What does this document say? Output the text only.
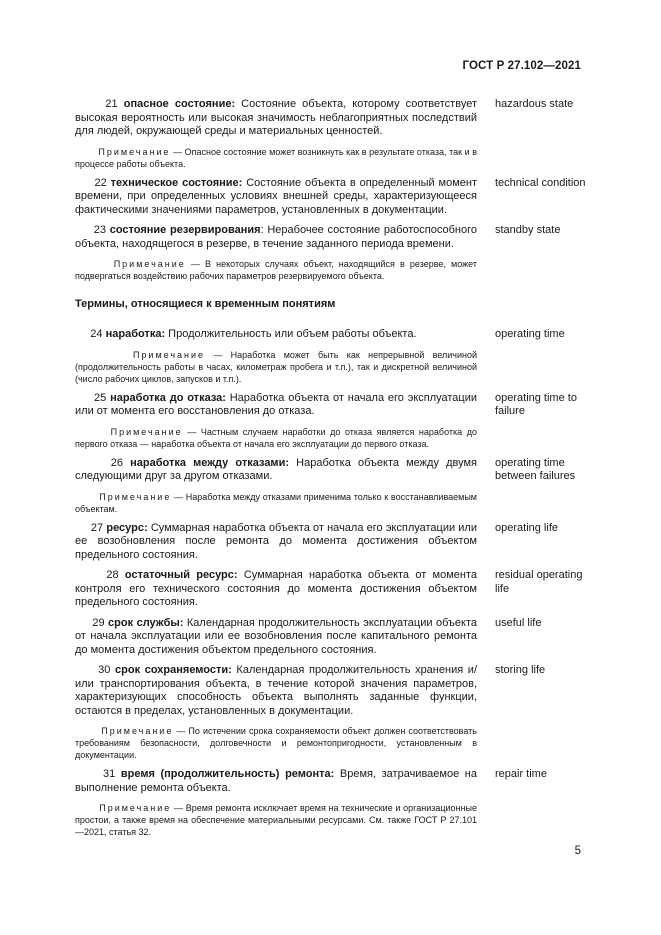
ГОСТ Р 27.102—2021
21 опасное состояние: Состояние объекта, которому соответствует высокая вероятность или высокая значимость неблагоприятных последствий для людей, окружающей среды и материальных ценностей.
hazardous state
Примечание — Опасное состояние может возникнуть как в результате отказа, так и в процессе работы объекта.
22 техническое состояние: Состояние объекта в определенный момент времени, при определенных условиях внешней среды, характеризующееся фактическими значениями параметров, установленных в документации.
technical condition
23 состояние резервирования: Нерабочее состояние работоспособного объекта, находящегося в резерве, в течение заданного периода времени.
standby state
Примечание — В некоторых случаях объект, находящийся в резерве, может подвергаться воздействию рабочих параметров резервируемого объекта.
Термины, относящиеся к временным понятиям
24 наработка: Продолжительность или объем работы объекта.	operating time
Примечание — Наработка может быть как непрерывной величиной (продолжительность работы в часах, километраж пробега и т.п.), так и дискретной величиной (число рабочих циклов, запусков и т.п.).
25 наработка до отказа: Наработка объекта от начала его эксплуатации или от момента его восстановления до отказа.
operating time to failure
Примечание — Частным случаем наработки до отказа является наработка до первого отказа — наработка объекта от начала его эксплуатации до первого отказа.
26 наработка между отказами: Наработка объекта между двумя следующими друг за другом отказами.
operating time between failures
Примечание — Наработка между отказами применима только к восстанавливаемым объектам.
27 ресурс: Суммарная наработка объекта от начала его эксплуатации или ее возобновления после ремонта до момента достижения объектом предельного состояния.
operating life
28 остаточный ресурс: Суммарная наработка объекта от момента контроля его технического состояния до момента достижения объектом предельного состояния.
residual operating life
29 срок службы: Календарная продолжительность эксплуатации объекта от начала эксплуатации или ее возобновления после капитального ремонта до момента достижения объектом предельного состояния.
useful life
30 срок сохраняемости: Календарная продолжительность хранения и/или транспортирования объекта, в течение которой значения параметров, характеризующих способность объекта выполнять заданные функции, остаются в пределах, установленных в документации.
storing life
Примечание — По истечении срока сохраняемости объект должен соответствовать требованиям безопасности, долговечности и ремонтопригодности, установленным в документации.
31 время (продолжительность) ремонта: Время, затрачиваемое на выполнение ремонта объекта.
repair time
Примечание — Время ремонта исключает время на технические и организационные простои, а также время на обеспечение материальными ресурсами. См. также ГОСТ Р 27.101—2021, статья 32.
5
